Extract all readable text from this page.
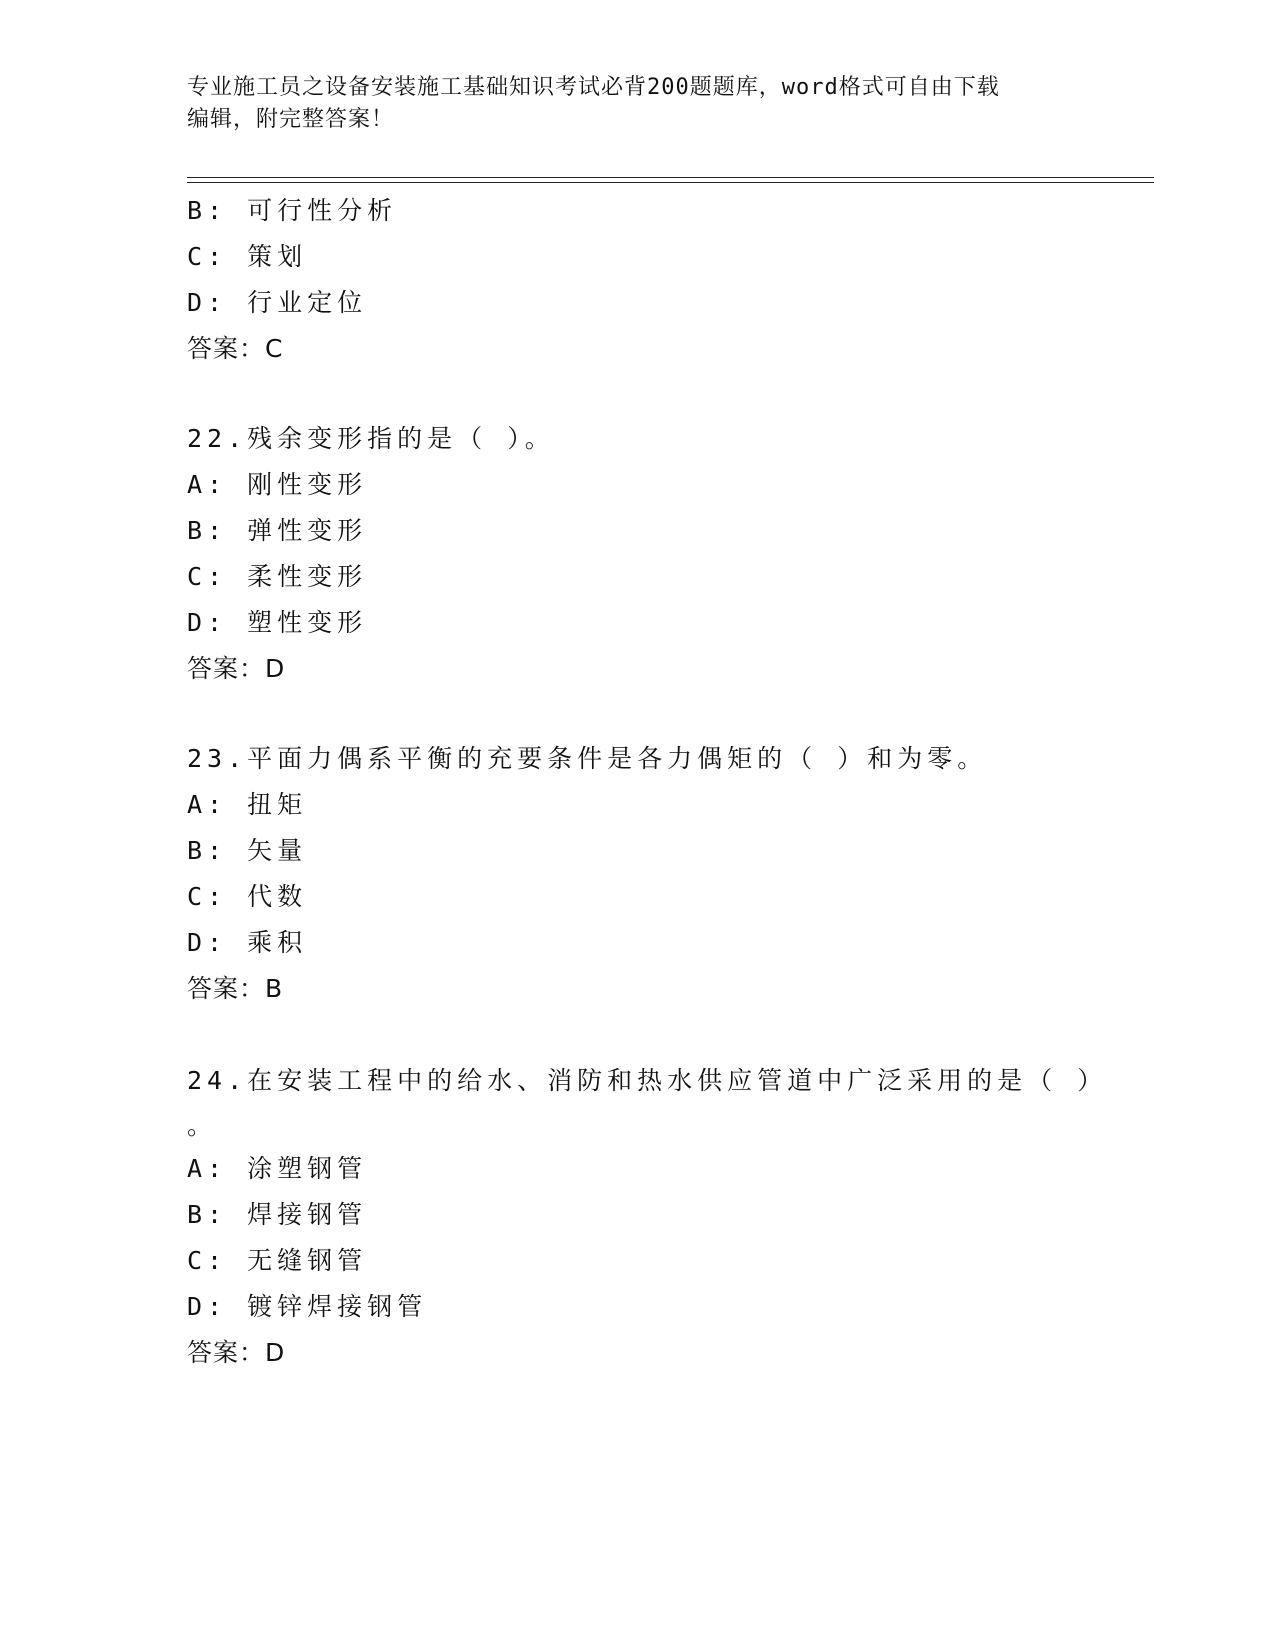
专业施工员之设备安装施工基础知识考试必背200题题库，word格式可自由下载
编辑，附完整答案！
B: 可行性分析
C: 策划
D: 行业定位
答案：C
22.残余变形指的是（ ）。
A: 刚性变形
B: 弹性变形
C: 柔性变形
D: 塑性变形
答案：D
23.平面力偶系平衡的充要条件是各力偶矩的（ ）和为零。
A: 扭矩
B: 矢量
C: 代数
D: 乘积
答案：B
24.在安装工程中的给水、消防和热水供应管道中广泛采用的是（ ）
。
A: 涂塑钢管
B: 焊接钢管
C: 无缝钢管
D: 镀锌焊接钢管
答案：D
